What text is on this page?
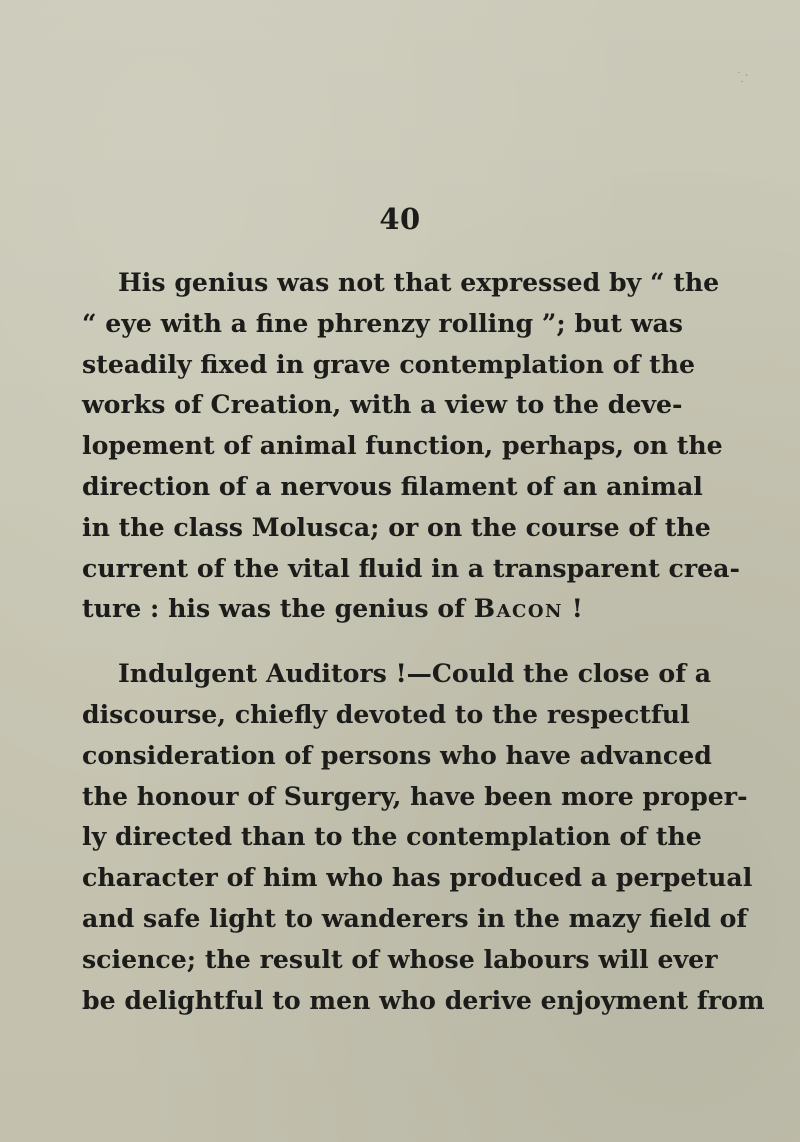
˙ ̣ˑ
40
His genius was not that expressed by “ the
“ eye with a fine phrenzy rolling ”; but was
steadily fixed in grave contemplation of the
works of Creation, with a view to the deve-
lopement of animal function, perhaps, on the
direction of a nervous filament of an animal
in the class Molusca; or on the course of the
current of the vital fluid in a transparent crea-
ture : his was the genius of Bacon !
Indulgent Auditors !—Could the close of a
discourse, chiefly devoted to the respectful
consideration of persons who have advanced
the honour of Surgery, have been more proper-
ly directed than to the contemplation of the
character of him who has produced a perpetual
and safe light to wanderers in the mazy field of
science; the result of whose labours will ever
be delightful to men who derive enjoyment from
